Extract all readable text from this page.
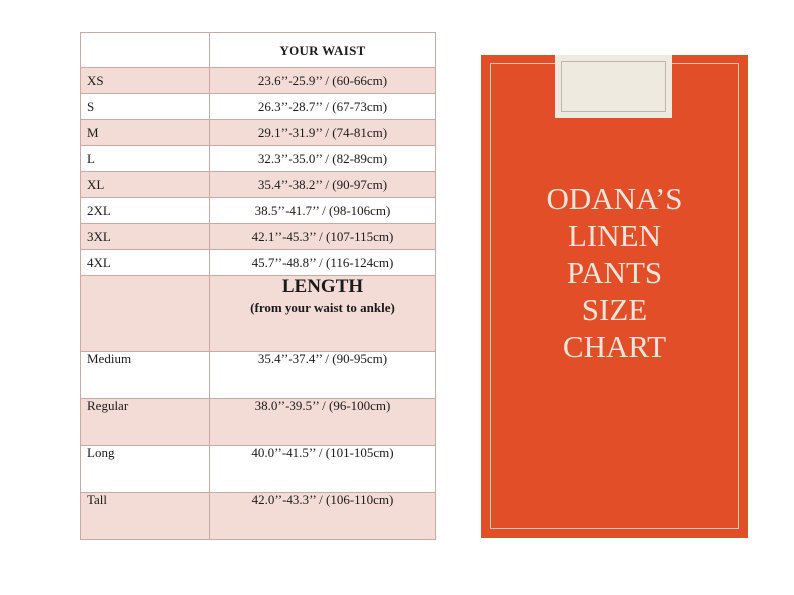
	YOUR WAIST
XS	23.6’’-25.9’’ / (60-66cm)
S	26.3’’-28.7’’ / (67-73cm)
M	29.1’’-31.9’’ / (74-81cm)
L	32.3’’-35.0’’ / (82-89cm)
XL	35.4’’-38.2’’ / (90-97cm)
2XL	38.5’’-41.7’’ / (98-106cm)
3XL	42.1’’-45.3’’ / (107-115cm)
4XL	45.7’’-48.8’’ / (116-124cm)

	LENGTH
(from your waist to ankle)

Medium	35.4’’-37.4’’ / (90-95cm)
Regular	38.0’’-39.5’’ / (96-100cm)
Long	40.0’’-41.5’’ / (101-105cm)
Tall	42.0’’-43.3’’ / (106-110cm)
ODANA’S
LINEN
PANTS
SIZE
CHART
